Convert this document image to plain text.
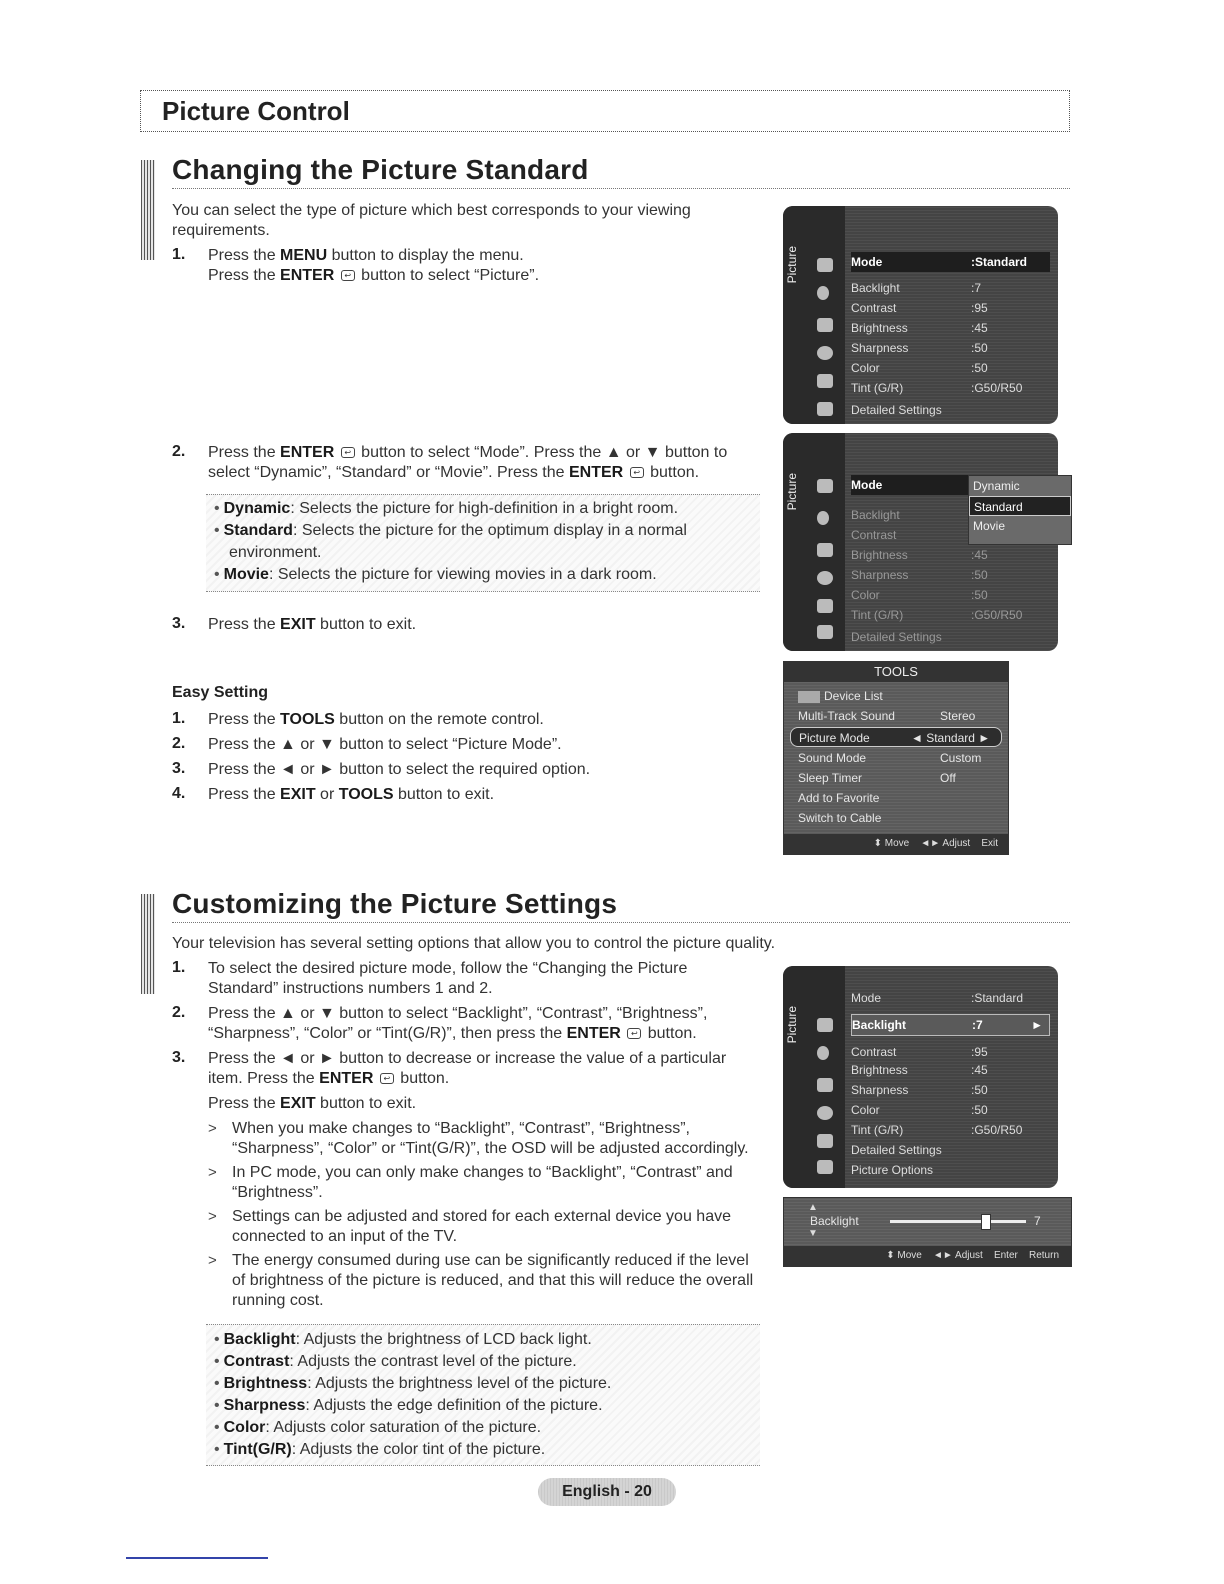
Picture Control
Changing the Picture Standard
You can select the type of picture which best corresponds to your viewing requirements.
1.	Press the MENU button to display the menu.
Press the ENTER ↩ button to select “Picture”.
2.	Press the ENTER ↩ button to select “Mode”. Press the ▲ or ▼ button to
select “Dynamic”, “Standard” or “Movie”. Press the ENTER ↩ button.
• Dynamic: Selects the picture for high-definition in a bright room.
• Standard: Selects the picture for the optimum display in a normal
environment.
• Movie: Selects the picture for viewing movies in a dark room.
3.	Press the EXIT button to exit.
Easy Setting
1.	Press the TOOLS button on the remote control.
2.	Press the ▲ or ▼ button to select “Picture Mode”.
3.	Press the ◄ or ► button to select the required option.
4.	Press the EXIT or TOOLS button to exit.
Picture	Mode	:Standard
Backlight	:7
Contrast	:95
Brightness	:45
Sharpness	:50
Color	:50
Tint (G/R)	:G50/R50
Detailed Settings
Picture	Mode
Backlight
Contrast
Brightness	:45
Sharpness	:50
Color	:50
Tint (G/R)	:G50/R50
Detailed Settings
Dynamic
Standard
Movie
TOOLS
Device List
Multi-Track Sound	Stereo
Picture Mode	◄ Standard ►
Sound Mode	Custom
Sleep Timer	Off
Add to Favorite
Switch to Cable
⬍ Move ◄► Adjust Exit
Customizing the Picture Settings
Your television has several setting options that allow you to control the picture quality.
1.	To select the desired picture mode, follow the “Changing the Picture
Standard” instructions numbers 1 and 2.
2.	Press the ▲ or ▼ button to select “Backlight”, “Contrast”, “Brightness”,
“Sharpness”, “Color” or “Tint(G/R)”, then press the ENTER ↩ button.
3.	Press the ◄ or ► button to decrease or increase the value of a particular
item. Press the ENTER ↩ button.
Press the EXIT button to exit.
> When you make changes to “Backlight”, “Contrast”, “Brightness”,
“Sharpness”, “Color” or “Tint(G/R)”, the OSD will be adjusted accordingly.
> In PC mode, you can only make changes to “Backlight”, “Contrast” and
“Brightness”.
> Settings can be adjusted and stored for each external device you have
connected to an input of the TV.
> The energy consumed during use can be significantly reduced if the level
of brightness of the picture is reduced, and that this will reduce the overall
running cost.
• Backlight: Adjusts the brightness of LCD back light.
• Contrast: Adjusts the contrast level of the picture.
• Brightness: Adjusts the brightness level of the picture.
• Sharpness: Adjusts the edge definition of the picture.
• Color: Adjusts color saturation of the picture.
• Tint(G/R): Adjusts the color tint of the picture.
Picture
Mode	:Standard
Backlight	:7	►
Contrast	:95
Brightness	:45
Sharpness	:50
Color	:50
Tint (G/R)	:G50/R50
Detailed Settings
Picture Options
▲
▼
Backlight	7
⬍ Move ◄► Adjust Enter Return
English - 20
